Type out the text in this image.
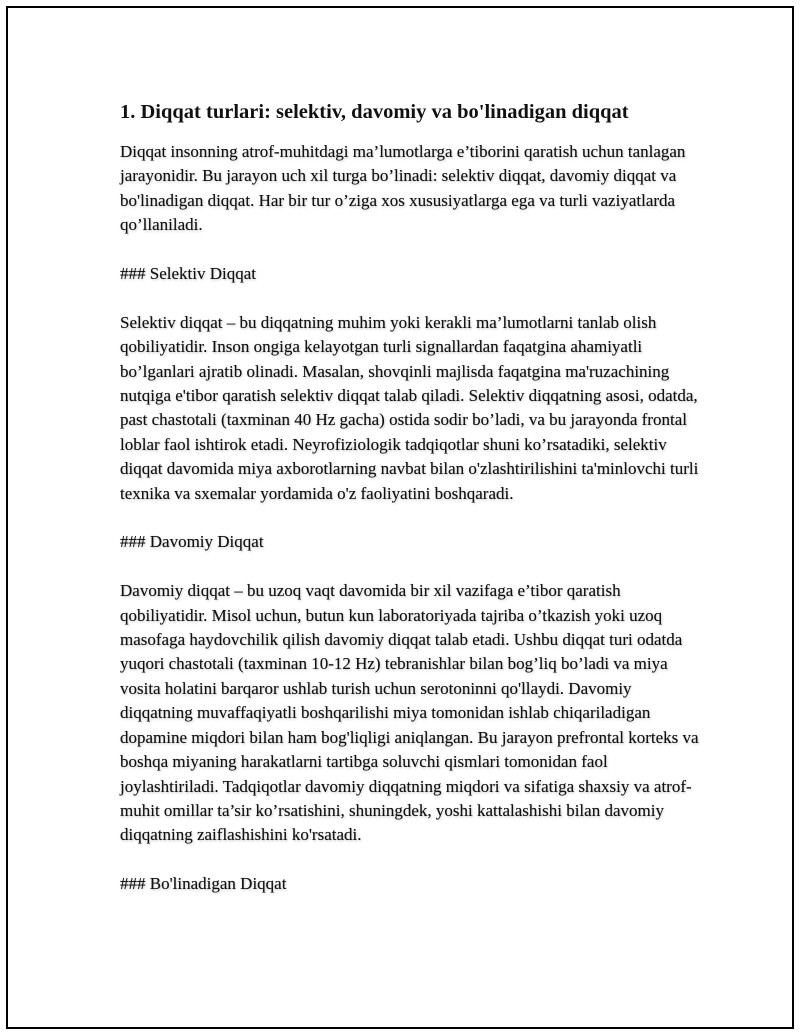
1. Diqqat turlari: selektiv, davomiy va bo'linadigan diqqat

Diqqat insonning atrof-muhitdagi ma’lumotlarga e’tiborini qaratish uchun tanlagan jarayonidir. Bu jarayon uch xil turga bo’linadi: selektiv diqqat, davomiy diqqat va bo'linadigan diqqat. Har bir tur o’ziga xos xususiyatlarga ega va turli vaziyatlarda qo’llaniladi.

### Selektiv Diqqat

Selektiv diqqat – bu diqqatning muhim yoki kerakli ma’lumotlarni tanlab olish qobiliyatidir. Inson ongiga kelayotgan turli signallardan faqatgina ahamiyatli bo’lganlari ajratib olinadi. Masalan, shovqinli majlisda faqatgina ma'ruzachining nutqiga e'tibor qaratish selektiv diqqat talab qiladi. Selektiv diqqatning asosi, odatda, past chastotali (taxminan 40 Hz gacha) ostida sodir bo’ladi, va bu jarayonda frontal loblar faol ishtirok etadi. Neyrofiziologik tadqiqotlar shuni ko’rsatadiki, selektiv diqqat davomida miya axborotlarning navbat bilan o'zlashtirilishini ta'minlovchi turli texnika va sxemalar yordamida o'z faoliyatini boshqaradi.

### Davomiy Diqqat

Davomiy diqqat – bu uzoq vaqt davomida bir xil vazifaga e’tibor qaratish qobiliyatidir. Misol uchun, butun kun laboratoriyada tajriba o’tkazish yoki uzoq masofaga haydovchilik qilish davomiy diqqat talab etadi. Ushbu diqqat turi odatda yuqori chastotali (taxminan 10-12 Hz) tebranishlar bilan bog’liq bo’ladi va miya vosita holatini barqaror ushlab turish uchun serotoninni qo'llaydi. Davomiy diqqatning muvaffaqiyatli boshqarilishi miya tomonidan ishlab chiqariladigan dopamine miqdori bilan ham bog'liqligi aniqlangan. Bu jarayon prefrontal korteks va boshqa miyaning harakatlarni tartibga soluvchi qismlari tomonidan faol joylashtiriladi. Tadqiqotlar davomiy diqqatning miqdori va sifatiga shaxsiy va atrof-muhit omillar ta’sir ko’rsatishini, shuningdek, yoshi kattalashishi bilan davomiy diqqatning zaiflashishini ko'rsatadi.

### Bo'linadigan Diqqat
